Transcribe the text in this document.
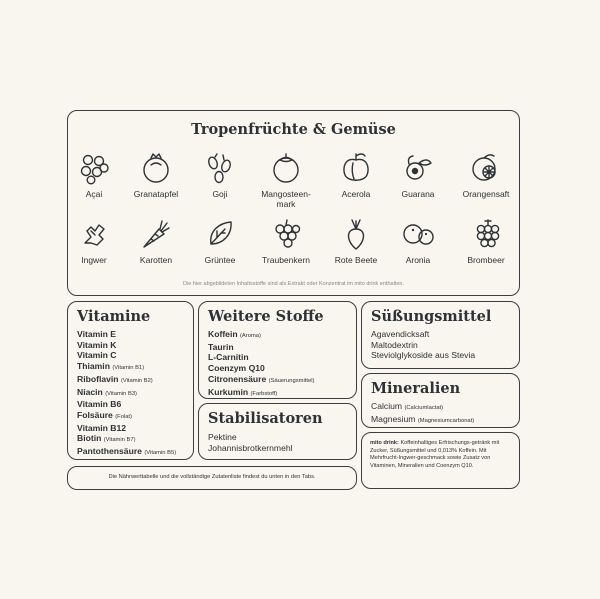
Tropenfrüchte & Gemüse
Açai	Granatapfel	Goji	Mangosteen-
mark
Acerola	Guarana	Orangensaft
Ingwer	Karotten	Grüntee	Traubenkern	Rote Beete	Aronia	Brombeer
Die hier abgebildeten Inhaltsstoffe sind als Extrakt oder Konzentrat im mito drink enthalten.
Vitamine
Vitamin E
Vitamin K
Vitamin C
Thiamin (Vitamin B1)
Riboflavin (Vitamin B2)
Niacin (Vitamin B3)
Vitamin B6
Folsäure (Folat)
Vitamin B12
Biotin (Vitamin B7)
Pantothensäure (Vitamin B5)
Weitere Stoffe
Koffein (Aroma)
Taurin
L-Carnitin
Coenzym Q10
Citronensäure (Säuerungsmittel)
Kurkumin (Farbstoff)
Stabilisatoren
Pektine
Johannisbrotkernmehl
Süßungsmittel
Agavendicksaft
Maltodextrin
Steviolglykoside aus Stevia
Mineralien
Calcium (Calciumlactat)
Magnesium (Magnesiumcarbonat)
mito drink: Koffeinhaltiges Erfrischungs-getränk mit Zucker, Süßungsmittel und 0,013% Koffein. Mit Mehrfrucht-Ingwer-geschmack sowie Zusatz von Vitaminen, Mineralien und Coenzym Q10.
Die Nährwerttabelle und die vollständige Zutatenliste findest du unten in den Tabs.
